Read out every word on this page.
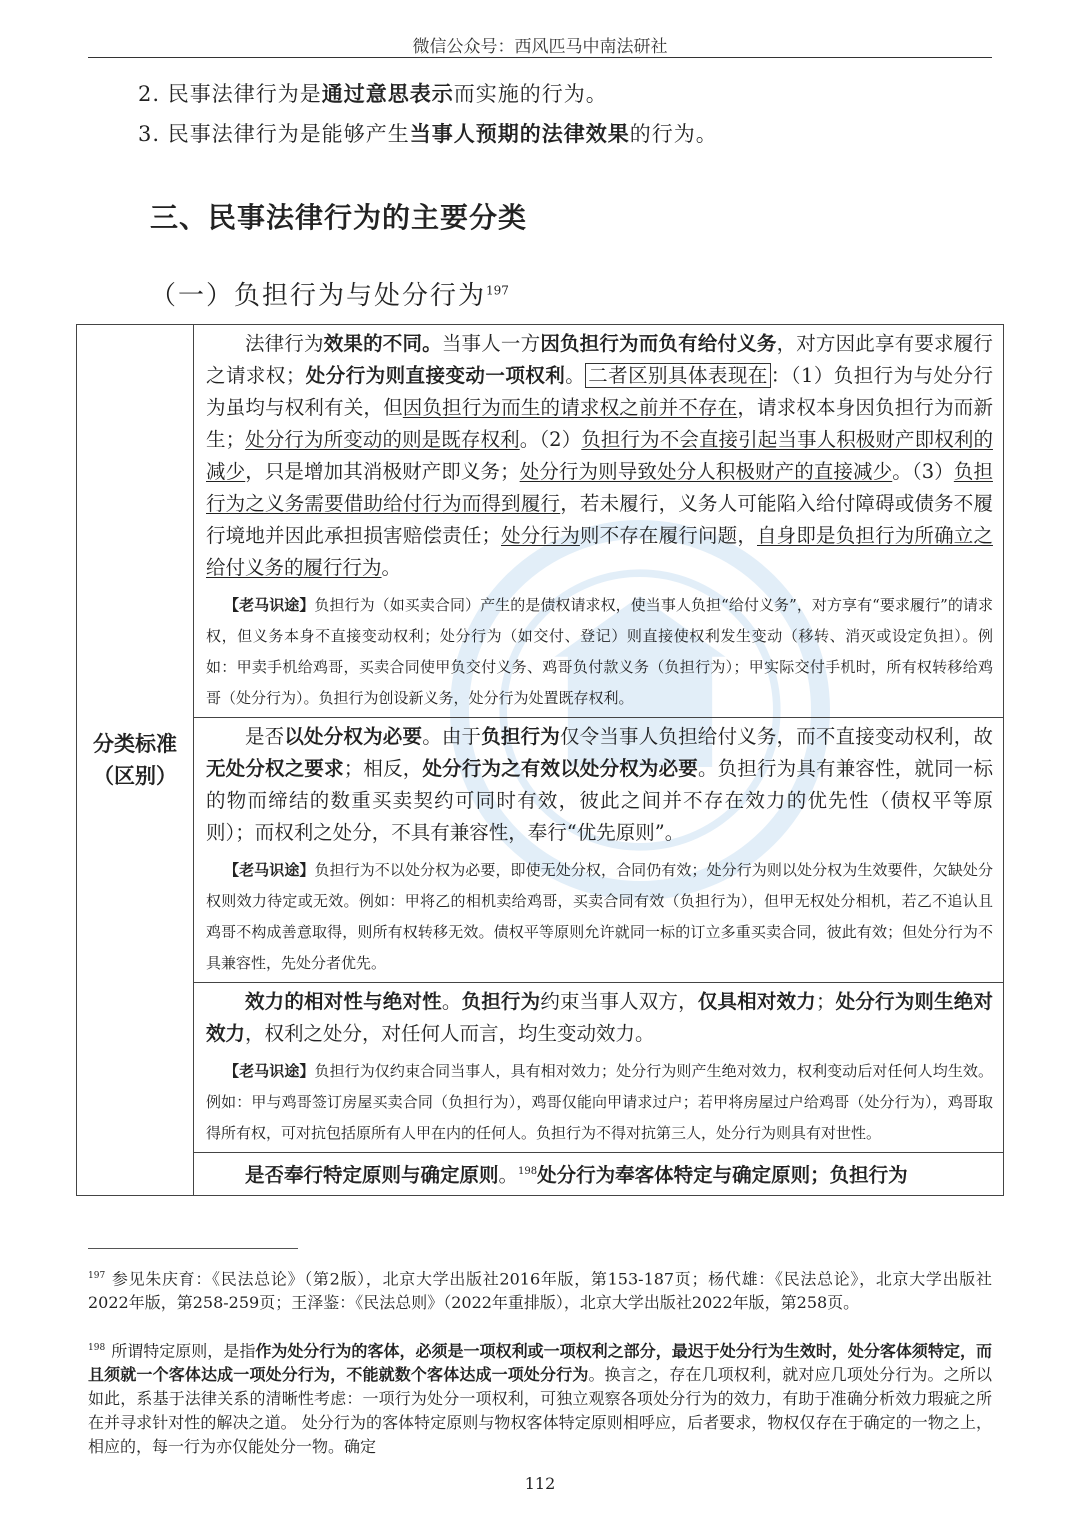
微信公众号：西风匹马中南法研社
2. 民事法律行为是通过意思表示而实施的行为。
3. 民事法律行为是能够产生当事人预期的法律效果的行为。
三、民事法律行为的主要分类
（一）负担行为与处分行为$^{197}$
分类标准
（区别）

法律行为效果的不同。当事人一方因负担行为而负有给付义务，对方因此享有要求履行之请求权；处分行为则直接变动一项权利。 二者区别具体表现在 ：（1）负担行为与处分行为虽均与权利有关，但因负担行为而生的请求权之前并不存在，请求权本身因负担行为而新生；处分行为所变动的则是既存权利。（2）负担行为不会直接引起当事人积极财产即权利的减少，只是增加其消极财产即义务；处分行为则导致处分人积极财产的直接减少。（3）负担行为之义务需要借助给付行为而得到履行，若未履行，义务人可能陷入给付障碍或债务不履行境地并因此承担损害赔偿责任；处分行为则不存在履行问题，自身即是负担行为所确立之给付义务的履行行为。

【老马识途】负担行为（如买卖合同）产生的是债权请求权，使当事人负担“给付义务”，对方享有“要求履行”的请求权，但义务本身不直接变动权利；处分行为（如交付、登记）则直接使权利发生变动（移转、消灭或设定负担）。例如：甲卖手机给鸡哥，买卖合同使甲负交付义务、鸡哥负付款义务（负担行为）；甲实际交付手机时，所有权转移给鸡哥（处分行为）。负担行为创设新义务，处分行为处置既存权利。

是否以处分权为必要。由于负担行为仅令当事人负担给付义务，而不直接变动权利，故无处分权之要求；相反，处分行为之有效以处分权为必要。负担行为具有兼容性，就同一标的物而缔结的数重买卖契约可同时有效，彼此之间并不存在效力的优先性（债权平等原则）；而权利之处分，不具有兼容性，奉行“优先原则”。

【老马识途】负担行为不以处分权为必要，即使无处分权，合同仍有效；处分行为则以处分权为生效要件，欠缺处分权则效力待定或无效。例如：甲将乙的相机卖给鸡哥，买卖合同有效（负担行为），但甲无权处分相机，若乙不追认且鸡哥不构成善意取得，则所有权转移无效。债权平等原则允许就同一标的订立多重买卖合同，彼此有效；但处分行为不具兼容性，先处分者优先。

效力的相对性与绝对性。负担行为约束当事人双方，仅具相对效力；处分行为则生绝对效力，权利之处分，对任何人而言，均生变动效力。

【老马识途】负担行为仅约束合同当事人，具有相对效力；处分行为则产生绝对效力，权利变动后对任何人均生效。例如：甲与鸡哥签订房屋买卖合同（负担行为），鸡哥仅能向甲请求过户；若甲将房屋过户给鸡哥（处分行为），鸡哥取得所有权，可对抗包括原所有人甲在内的任何人。负担行为不得对抗第三人，处分行为则具有对世性。

是否奉行特定原则与确定原则。$^{198}$处分行为奉客体特定与确定原则；负担行为

$^{197}$ 参见朱庆育：《民法总论》（第2版），北京大学出版社2016年版，第153-187页；杨代雄：《民法总论》，北京大学出版社2022年版，第258-259页；王泽鉴：《民法总则》（2022年重排版），北京大学出版社2022年版，第258页。

$^{198}$ 所谓特定原则，是指作为处分行为的客体，必须是一项权利或一项权利之部分，最迟于处分行为生效时，处分客体须特定，而且须就一个客体达成一项处分行为，不能就数个客体达成一项处分行为。换言之，存在几项权利，就对应几项处分行为。之所以如此，系基于法律关系的清晰性考虑：一项行为处分一项权利，可独立观察各项处分行为的效力，有助于准确分析效力瑕疵之所在并寻求针对性的解决之道。 处分行为的客体特定原则与物权客体特定原则相呼应，后者要求，物权仅存在于确定的一物之上，相应的，每一行为亦仅能处分一物。确定

112
